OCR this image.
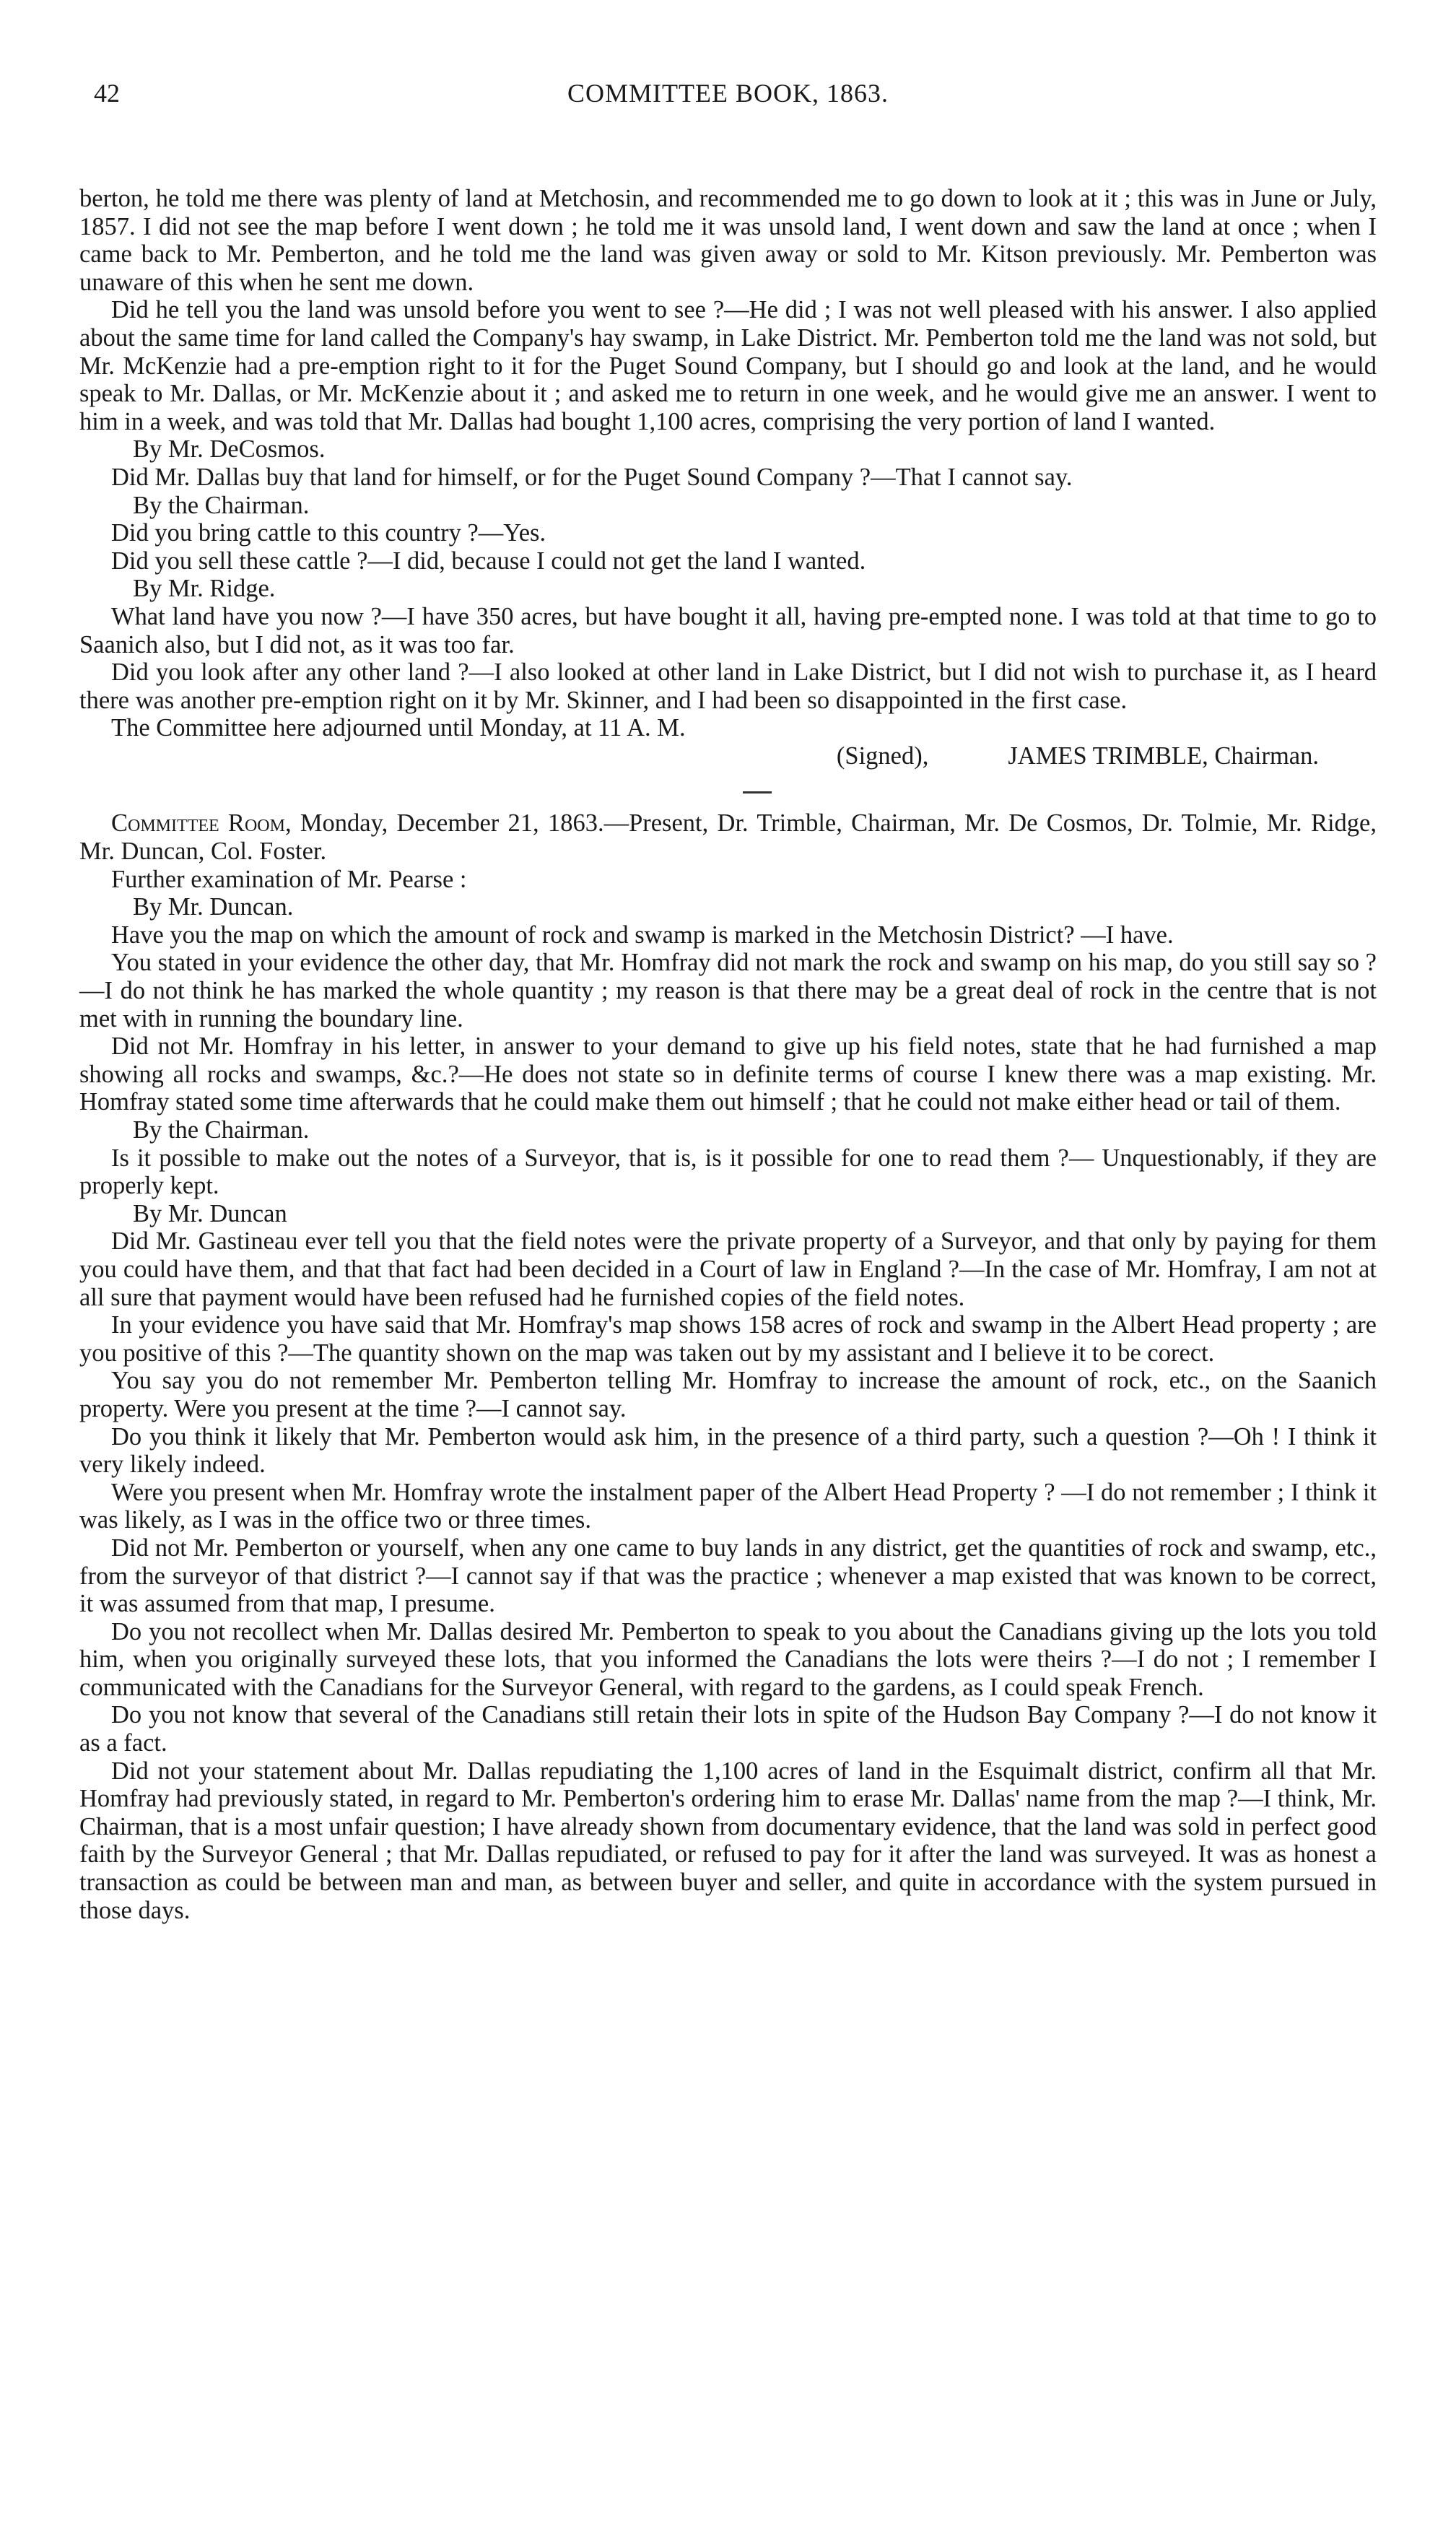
42	COMMITTEE BOOK, 1863.

berton, he told me there was plenty of land at Metchosin, and recommended me to go down to look at it ; this was in June or July, 1857. I did not see the map before I went down ; he told me it was unsold land, I went down and saw the land at once ; when I came back to Mr. Pemberton, and he told me the land was given away or sold to Mr. Kitson previously. Mr. Pemberton was unaware of this when he sent me down.

Did he tell you the land was unsold before you went to see ?—He did ; I was not well pleased with his answer. I also applied about the same time for land called the Company's hay swamp, in Lake District. Mr. Pemberton told me the land was not sold, but Mr. McKenzie had a pre-emption right to it for the Puget Sound Company, but I should go and look at the land, and he would speak to Mr. Dallas, or Mr. McKenzie about it ; and asked me to return in one week, and he would give me an answer. I went to him in a week, and was told that Mr. Dallas had bought 1,100 acres, comprising the very portion of land I wanted.

By Mr. DeCosmos.

Did Mr. Dallas buy that land for himself, or for the Puget Sound Company ?—That I cannot say.

By the Chairman.

Did you bring cattle to this country ?—Yes.

Did you sell these cattle ?—I did, because I could not get the land I wanted.

By Mr. Ridge.

What land have you now ?—I have 350 acres, but have bought it all, having pre-empted none. I was told at that time to go to Saanich also, but I did not, as it was too far.

Did you look after any other land ?—I also looked at other land in Lake District, but I did not wish to purchase it, as I heard there was another pre-emption right on it by Mr. Skinner, and I had been so disappointed in the first case.

The Committee here adjourned until Monday, at 11 A. M.

(Signed),	JAMES TRIMBLE, Chairman.

Committee Room, Monday, December 21, 1863.—Present, Dr. Trimble, Chairman, Mr. De Cosmos, Dr. Tolmie, Mr. Ridge, Mr. Duncan, Col. Foster.

Further examination of Mr. Pearse :

By Mr. Duncan.

Have you the map on which the amount of rock and swamp is marked in the Metchosin District? —I have.

You stated in your evidence the other day, that Mr. Homfray did not mark the rock and swamp on his map, do you still say so ?—I do not think he has marked the whole quantity ; my reason is that there may be a great deal of rock in the centre that is not met with in running the boundary line.

Did not Mr. Homfray in his letter, in answer to your demand to give up his field notes, state that he had furnished a map showing all rocks and swamps, &c.?—He does not state so in definite terms of course I knew there was a map existing. Mr. Homfray stated some time afterwards that he could make them out himself ; that he could not make either head or tail of them.

By the Chairman.

Is it possible to make out the notes of a Surveyor, that is, is it possible for one to read them ?— Unquestionably, if they are properly kept.

By Mr. Duncan

Did Mr. Gastineau ever tell you that the field notes were the private property of a Surveyor, and that only by paying for them you could have them, and that that fact had been decided in a Court of law in England ?—In the case of Mr. Homfray, I am not at all sure that payment would have been refused had he furnished copies of the field notes.

In your evidence you have said that Mr. Homfray's map shows 158 acres of rock and swamp in the Albert Head property ; are you positive of this ?—The quantity shown on the map was taken out by my assistant and I believe it to be corect.

You say you do not remember Mr. Pemberton telling Mr. Homfray to increase the amount of rock, etc., on the Saanich property. Were you present at the time ?—I cannot say.

Do you think it likely that Mr. Pemberton would ask him, in the presence of a third party, such a question ?—Oh ! I think it very likely indeed.

Were you present when Mr. Homfray wrote the instalment paper of the Albert Head Property ? —I do not remember ; I think it was likely, as I was in the office two or three times.

Did not Mr. Pemberton or yourself, when any one came to buy lands in any district, get the quantities of rock and swamp, etc., from the surveyor of that district ?—I cannot say if that was the practice ; whenever a map existed that was known to be correct, it was assumed from that map, I presume.

Do you not recollect when Mr. Dallas desired Mr. Pemberton to speak to you about the Canadians giving up the lots you told him, when you originally surveyed these lots, that you informed the Canadians the lots were theirs ?—I do not ; I remember I communicated with the Canadians for the Surveyor General, with regard to the gardens, as I could speak French.

Do you not know that several of the Canadians still retain their lots in spite of the Hudson Bay Company ?—I do not know it as a fact.

Did not your statement about Mr. Dallas repudiating the 1,100 acres of land in the Esquimalt district, confirm all that Mr. Homfray had previously stated, in regard to Mr. Pemberton's ordering him to erase Mr. Dallas' name from the map ?—I think, Mr. Chairman, that is a most unfair question; I have already shown from documentary evidence, that the land was sold in perfect good faith by the Surveyor General ; that Mr. Dallas repudiated, or refused to pay for it after the land was surveyed. It was as honest a transaction as could be between man and man, as between buyer and seller, and quite in accordance with the system pursued in those days.
